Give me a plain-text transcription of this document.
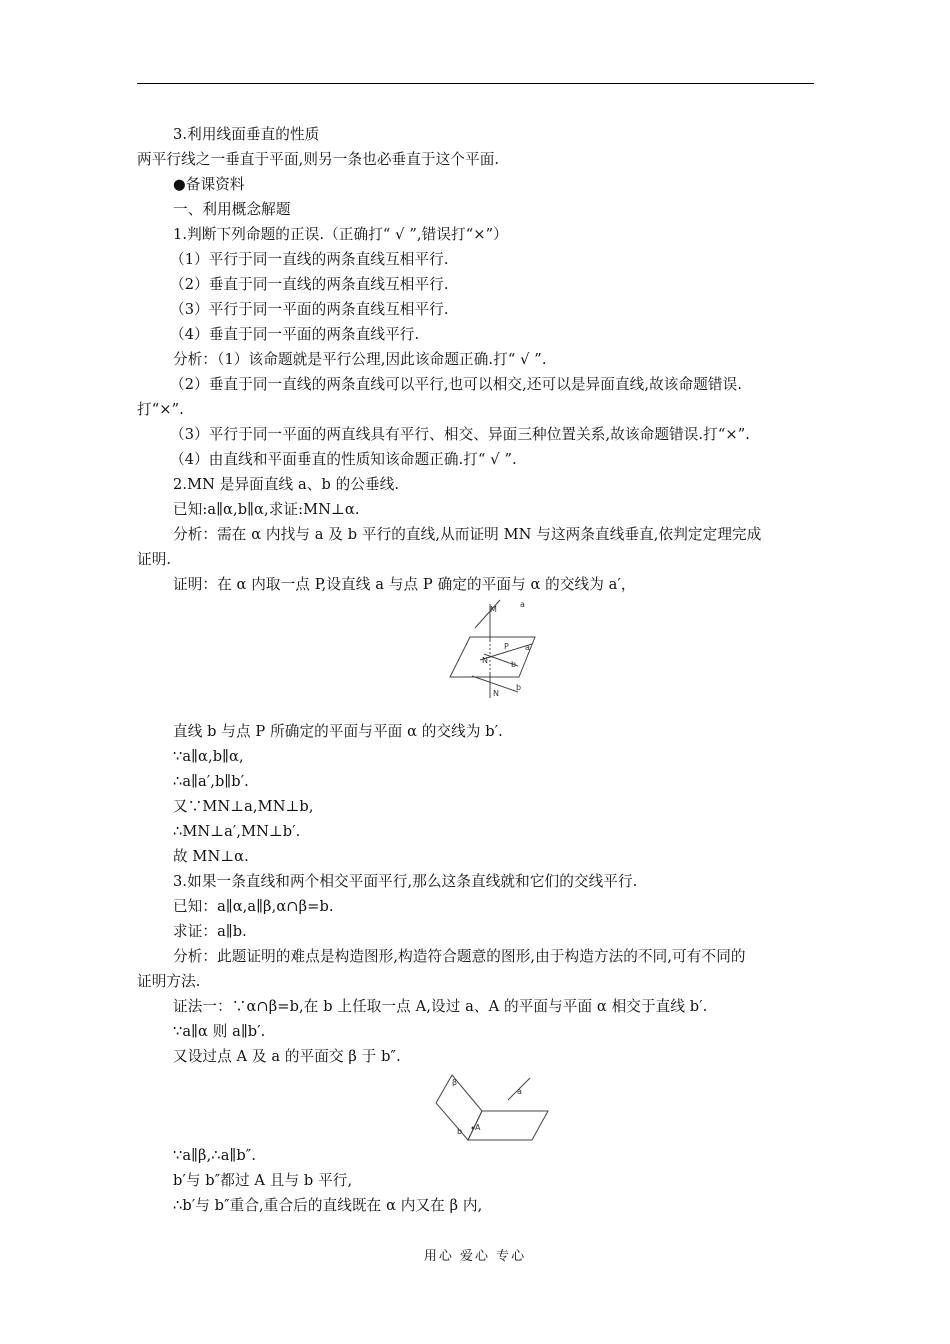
3.利用线面垂直的性质
两平行线之一垂直于平面,则另一条也必垂直于这个平面.
●备课资料
一、利用概念解题
1.判断下列命题的正误.（正确打“ √ ”,错误打“×”）
（1）平行于同一直线的两条直线互相平行.
（2）垂直于同一直线的两条直线互相平行.
（3）平行于同一平面的两条直线互相平行.
（4）垂直于同一平面的两条直线平行.
分析：（1）该命题就是平行公理,因此该命题正确.打“ √ ”.
（2）垂直于同一直线的两条直线可以平行,也可以相交,还可以是异面直线,故该命题错误.
打“×”.
（3）平行于同一平面的两直线具有平行、相交、异面三种位置关系,故该命题错误.打“×”.
（4）由直线和平面垂直的性质知该命题正确.打“ √ ”.
2.MN 是异面直线 a、b 的公垂线.
已知:a∥α,b∥α,求证:MN⊥α.
分析：需在 α 内找与 a 及 b 平行的直线,从而证明 MN 与这两条直线垂直,依判定定理完成
证明.
证明：在 α 内取一点 P,设直线 a 与点 P 确定的平面与 α 的交线为 a′，
M
a
P
N
a
b
b
N
直线 b 与点 P 所确定的平面与平面 α 的交线为 b′.
∵a∥α,b∥α,
∴a∥a′,b∥b′.
又∵MN⊥a,MN⊥b,
∴MN⊥a′,MN⊥b′.
故 MN⊥α.
3.如果一条直线和两个相交平面平行,那么这条直线就和它们的交线平行.
已知：a∥α,a∥β,α∩β=b.
求证：a∥b.
分析：此题证明的难点是构造图形,构造符合题意的图形,由于构造方法的不同,可有不同的
证明方法.
证法一：∵α∩β=b,在 b 上任取一点 A,设过 a、A 的平面与平面 α 相交于直线 b′.
∵a∥α 则 a∥b′.
又设过点 A 及 a 的平面交 β 于 b″.
β
a
b A
∵a∥β,∴a∥b″.
b′与 b″都过 A 且与 b 平行,
∴b′与 b″重合,重合后的直线既在 α 内又在 β 内,
用心 爱心 专心
